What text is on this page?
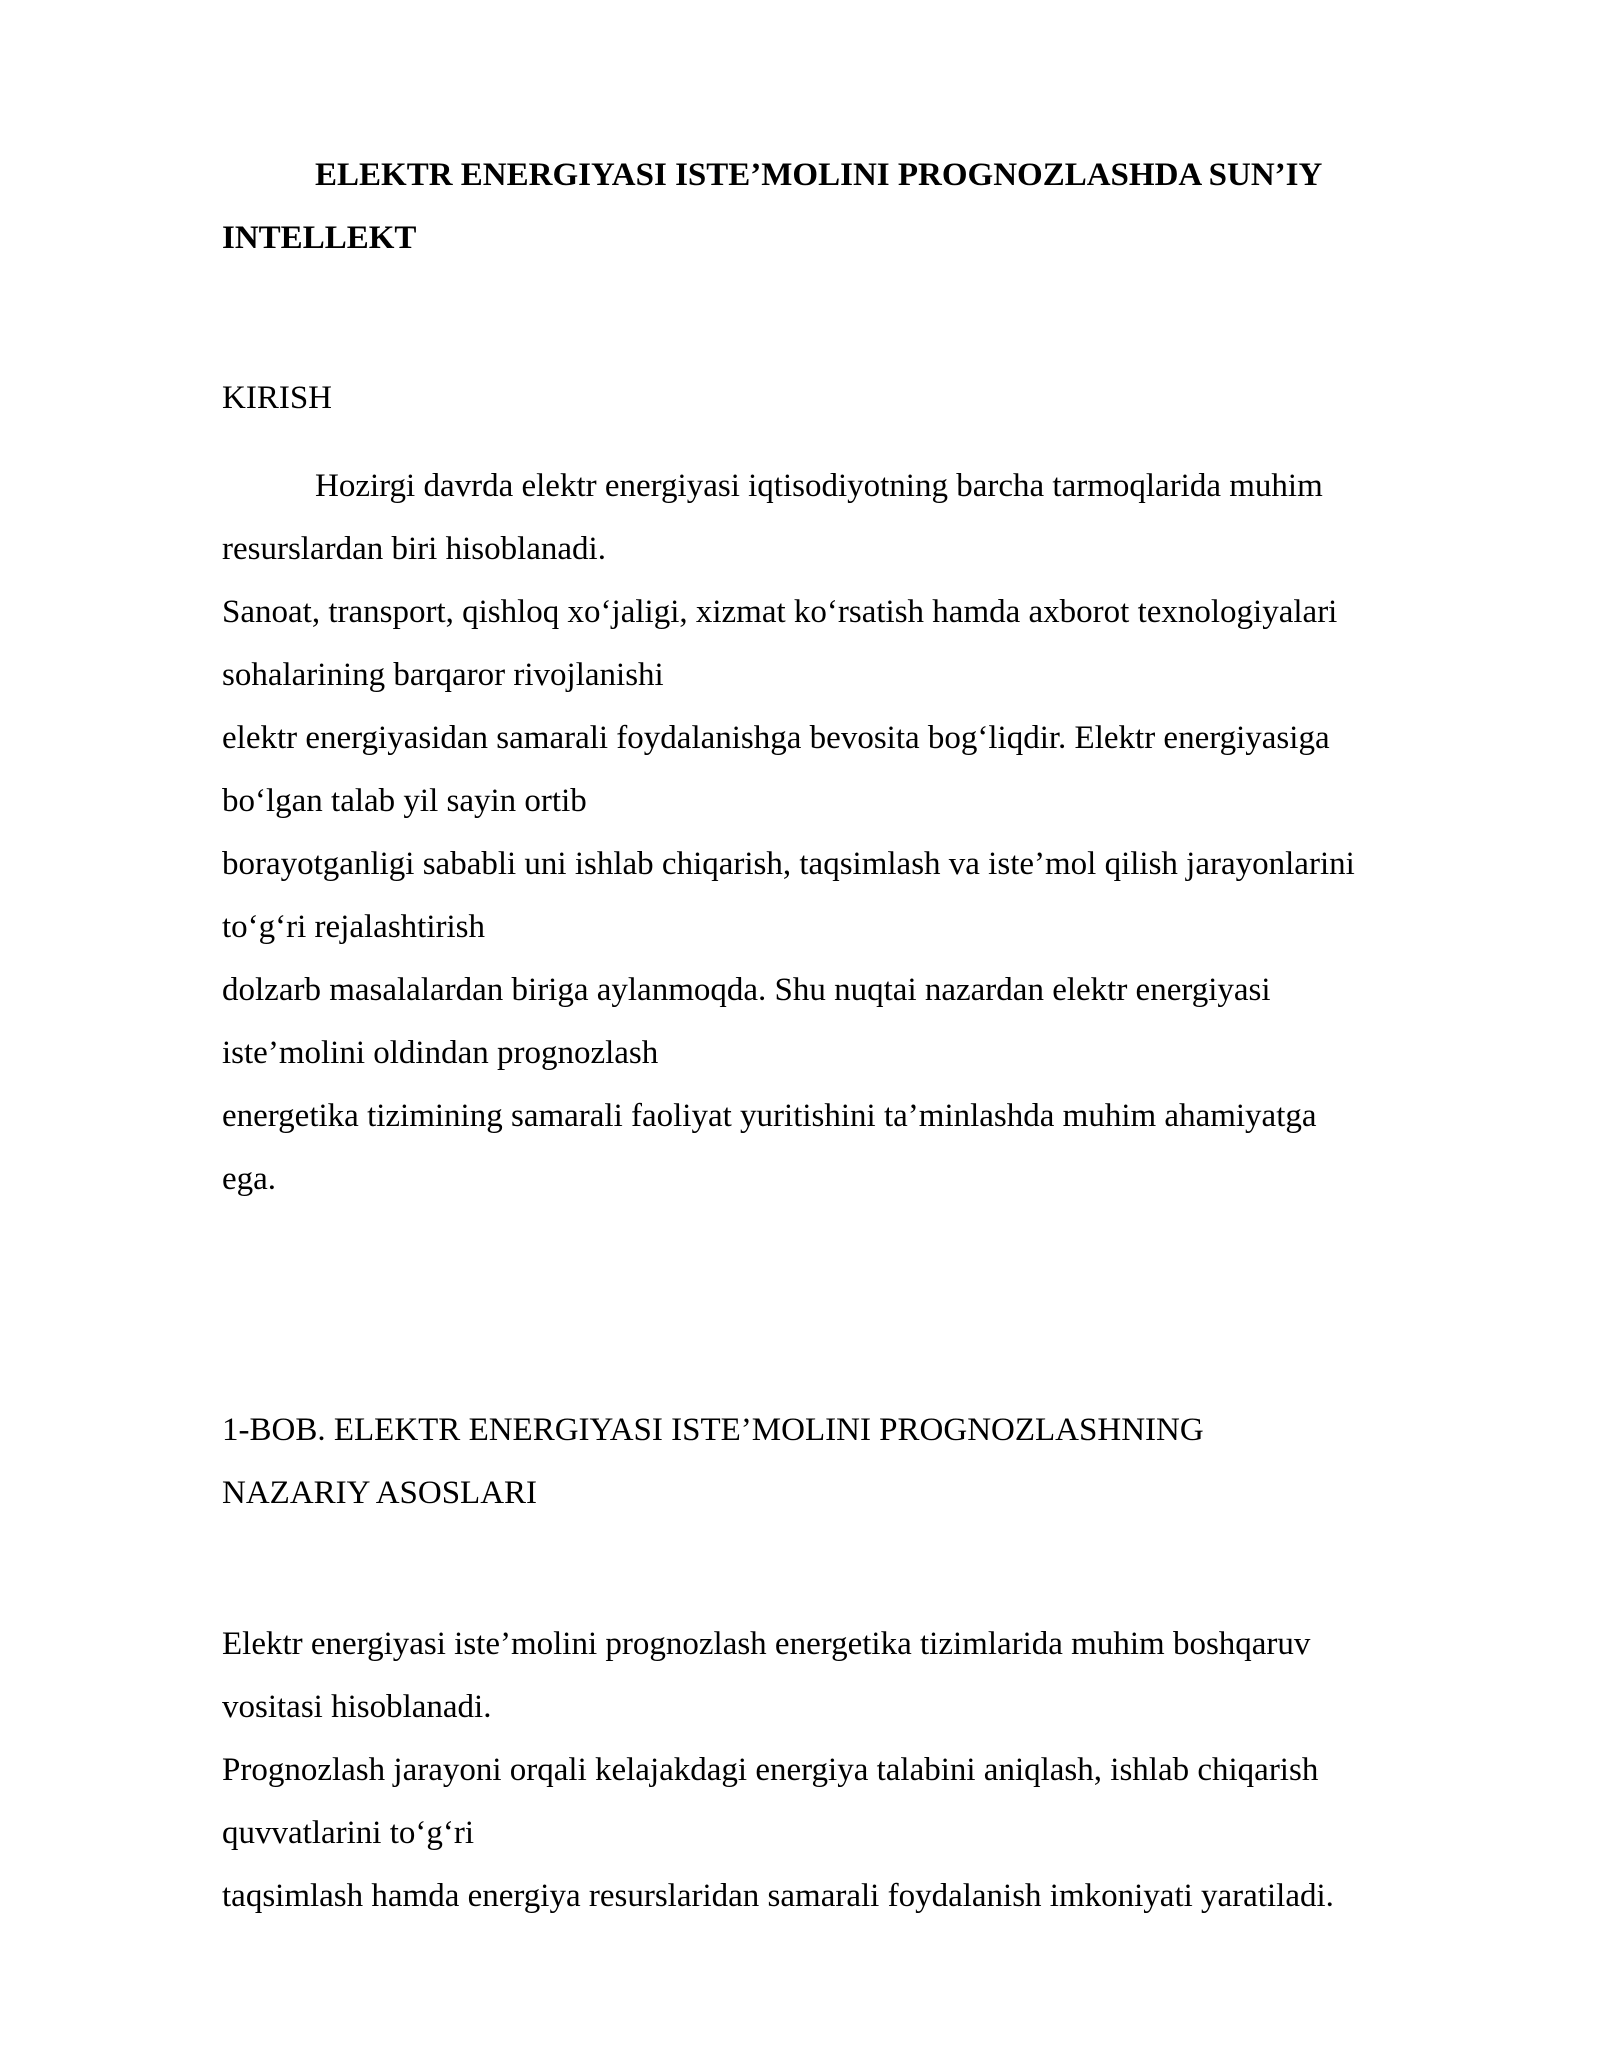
ELEKTR ENERGIYASI ISTE’MOLINI PROGNOZLASHDA SUN’IY
INTELLEKT
KIRISH
Hozirgi davrda elektr energiyasi iqtisodiyotning barcha tarmoqlarida muhim
resurslardan biri hisoblanadi.
Sanoat, transport, qishloq xo‘jaligi, xizmat ko‘rsatish hamda axborot texnologiyalari
sohalarining barqaror rivojlanishi
elektr energiyasidan samarali foydalanishga bevosita bog‘liqdir. Elektr energiyasiga
bo‘lgan talab yil sayin ortib
borayotganligi sababli uni ishlab chiqarish, taqsimlash va iste’mol qilish jarayonlarini
to‘g‘ri rejalashtirish
dolzarb masalalardan biriga aylanmoqda. Shu nuqtai nazardan elektr energiyasi
iste’molini oldindan prognozlash
energetika tizimining samarali faoliyat yuritishini ta’minlashda muhim ahamiyatga
ega.
1-BOB. ELEKTR ENERGIYASI ISTE’MOLINI PROGNOZLASHNING
NAZARIY ASOSLARI
Elektr energiyasi iste’molini prognozlash energetika tizimlarida muhim boshqaruv
vositasi hisoblanadi.
Prognozlash jarayoni orqali kelajakdagi energiya talabini aniqlash, ishlab chiqarish
quvvatlarini to‘g‘ri
taqsimlash hamda energiya resurslaridan samarali foydalanish imkoniyati yaratiladi.
